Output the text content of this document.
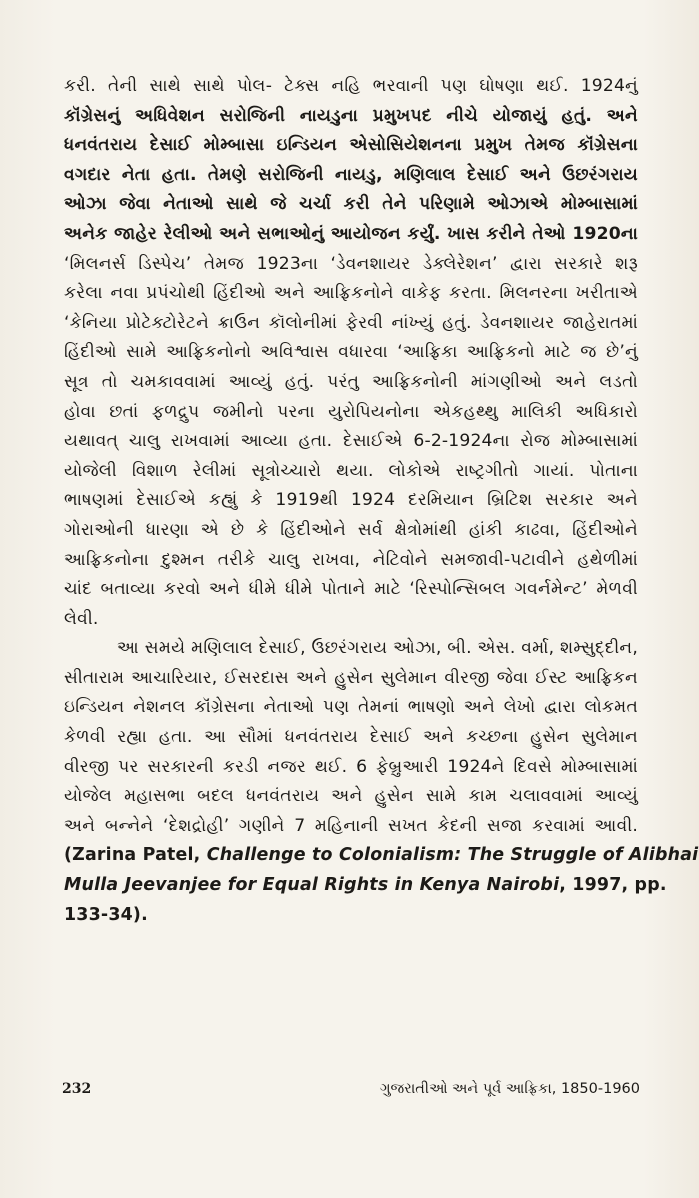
કરી. તેની સાથે સાથે પોલ- ટેક્સ નહિ ભરવાની પણ ઘોષણા થઈ. 1924નું
કૉંગ્રેસનું અધિવેશન સરોજિની નાયડુના પ્રમુખપદ નીચે યોજાયું હતું. અને
ધનવંતરાય દેસાઈ મોમ્બાસા ઇન્ડિયન એસોસિયેશનના પ્રમુખ તેમજ કૉંગ્રેસના
વગદાર નેતા હતા. તેમણે સરોજિની નાયડુ, મણિલાલ દેસાઈ અને ઉછરંગરાય
ઓઝા જેવા નેતાઓ સાથે જે ચર્ચા કરી તેને પરિણામે ઓઝાએ મોમ્બાસામાં
અનેક જાહેર રેલીઓ અને સભાઓનું આયોજન કર્યું. ખાસ કરીને તેઓ 1920ના
‘મિલનર્સ ડિસ્પેચ’ તેમજ 1923ના ‘ડેવનશાયર ડેક્લેરેશન’ દ્વારા સરકારે શરૂ
કરેલા નવા પ્રપંચોથી હિંદીઓ અને આફ્રિકનોને વાકેફ કરતા. મિલનરના ખરીતાએ
‘કેનિયા પ્રોટેક્ટોરેટને ક્રાઉન કૉલોનીમાં ફેરવી નાંખ્યું હતું. ડેવનશાયર જાહેરાતમાં
હિંદીઓ સામે આફ્રિકનોનો અવિશ્વાસ વધારવા ‘આફ્રિકા આફ્રિકનો માટે જ છે’નું
સૂત્ર તો ચમકાવવામાં આવ્યું હતું. પરંતુ આફ્રિકનોની માંગણીઓ અને લડતો
હોવા છતાં ફળદ્રુપ જમીનો પરના યુરોપિયનોના એકહથ્થુ માલિકી અધિકારો
યથાવત્ ચાલુ રાખવામાં આવ્યા હતા. દેસાઈએ 6-2-1924ના રોજ મોમ્બાસામાં
યોજેલી વિશાળ રેલીમાં સૂત્રોચ્ચારો થયા. લોકોએ રાષ્ટ્રગીતો ગાયાં. પોતાના
ભાષણમાં દેસાઈએ કહ્યું કે 1919થી 1924 દરમિયાન બ્રિટિશ સરકાર અને
ગોરાઓની ધારણા એ છે કે હિંદીઓને સર્વ ક્ષેત્રોમાંથી હાંકી કાઢવા, હિંદીઓને
આફ્રિકનોના દુશ્મન તરીકે ચાલુ રાખવા, નેટિવોને સમજાવી-પટાવીને હથેળીમાં
ચાંદ બતાવ્યા કરવો અને ધીમે ધીમે પોતાને માટે ‘રિસ્પોન્સિબલ ગવર્નમેન્ટ’ મેળવી
લેવી.
આ સમયે મણિલાલ દેસાઈ, ઉછરંગરાય ઓઝા, બી. એસ. વર્મા, શમ્સુદ્દીન,
સીતારામ આચારિયાર, ઈસરદાસ અને હુસેન સુલેમાન વીરજી જેવા ઈસ્ટ આફ્રિકન
ઇન્ડિયન નેશનલ કૉંગ્રેસના નેતાઓ પણ તેમનાં ભાષણો અને લેખો દ્વારા લોકમત
કેળવી રહ્યા હતા. આ સૌમાં ધનવંતરાય દેસાઈ અને કચ્છના હુસેન સુલેમાન
વીરજી પર સરકારની કરડી નજર થઈ. 6 ફેબ્રુઆરી 1924ને દિવસે મોમ્બાસામાં
યોજેલ મહાસભા બદલ ધનવંતરાય અને હુસેન સામે કામ ચલાવવામાં આવ્યું
અને બન્નેને ‘દેશદ્રોહી’ ગણીને 7 મહિનાની સખત કેદની સજા કરવામાં આવી.
(Zarina Patel, Challenge to Colonialism: The Struggle of Alibhai
Mulla Jeevanjee for Equal Rights in Kenya Nairobi, 1997, pp.
133-34).
232	ગુજરાતીઓ અને પૂર્વ આફ્રિકા, 1850-1960
